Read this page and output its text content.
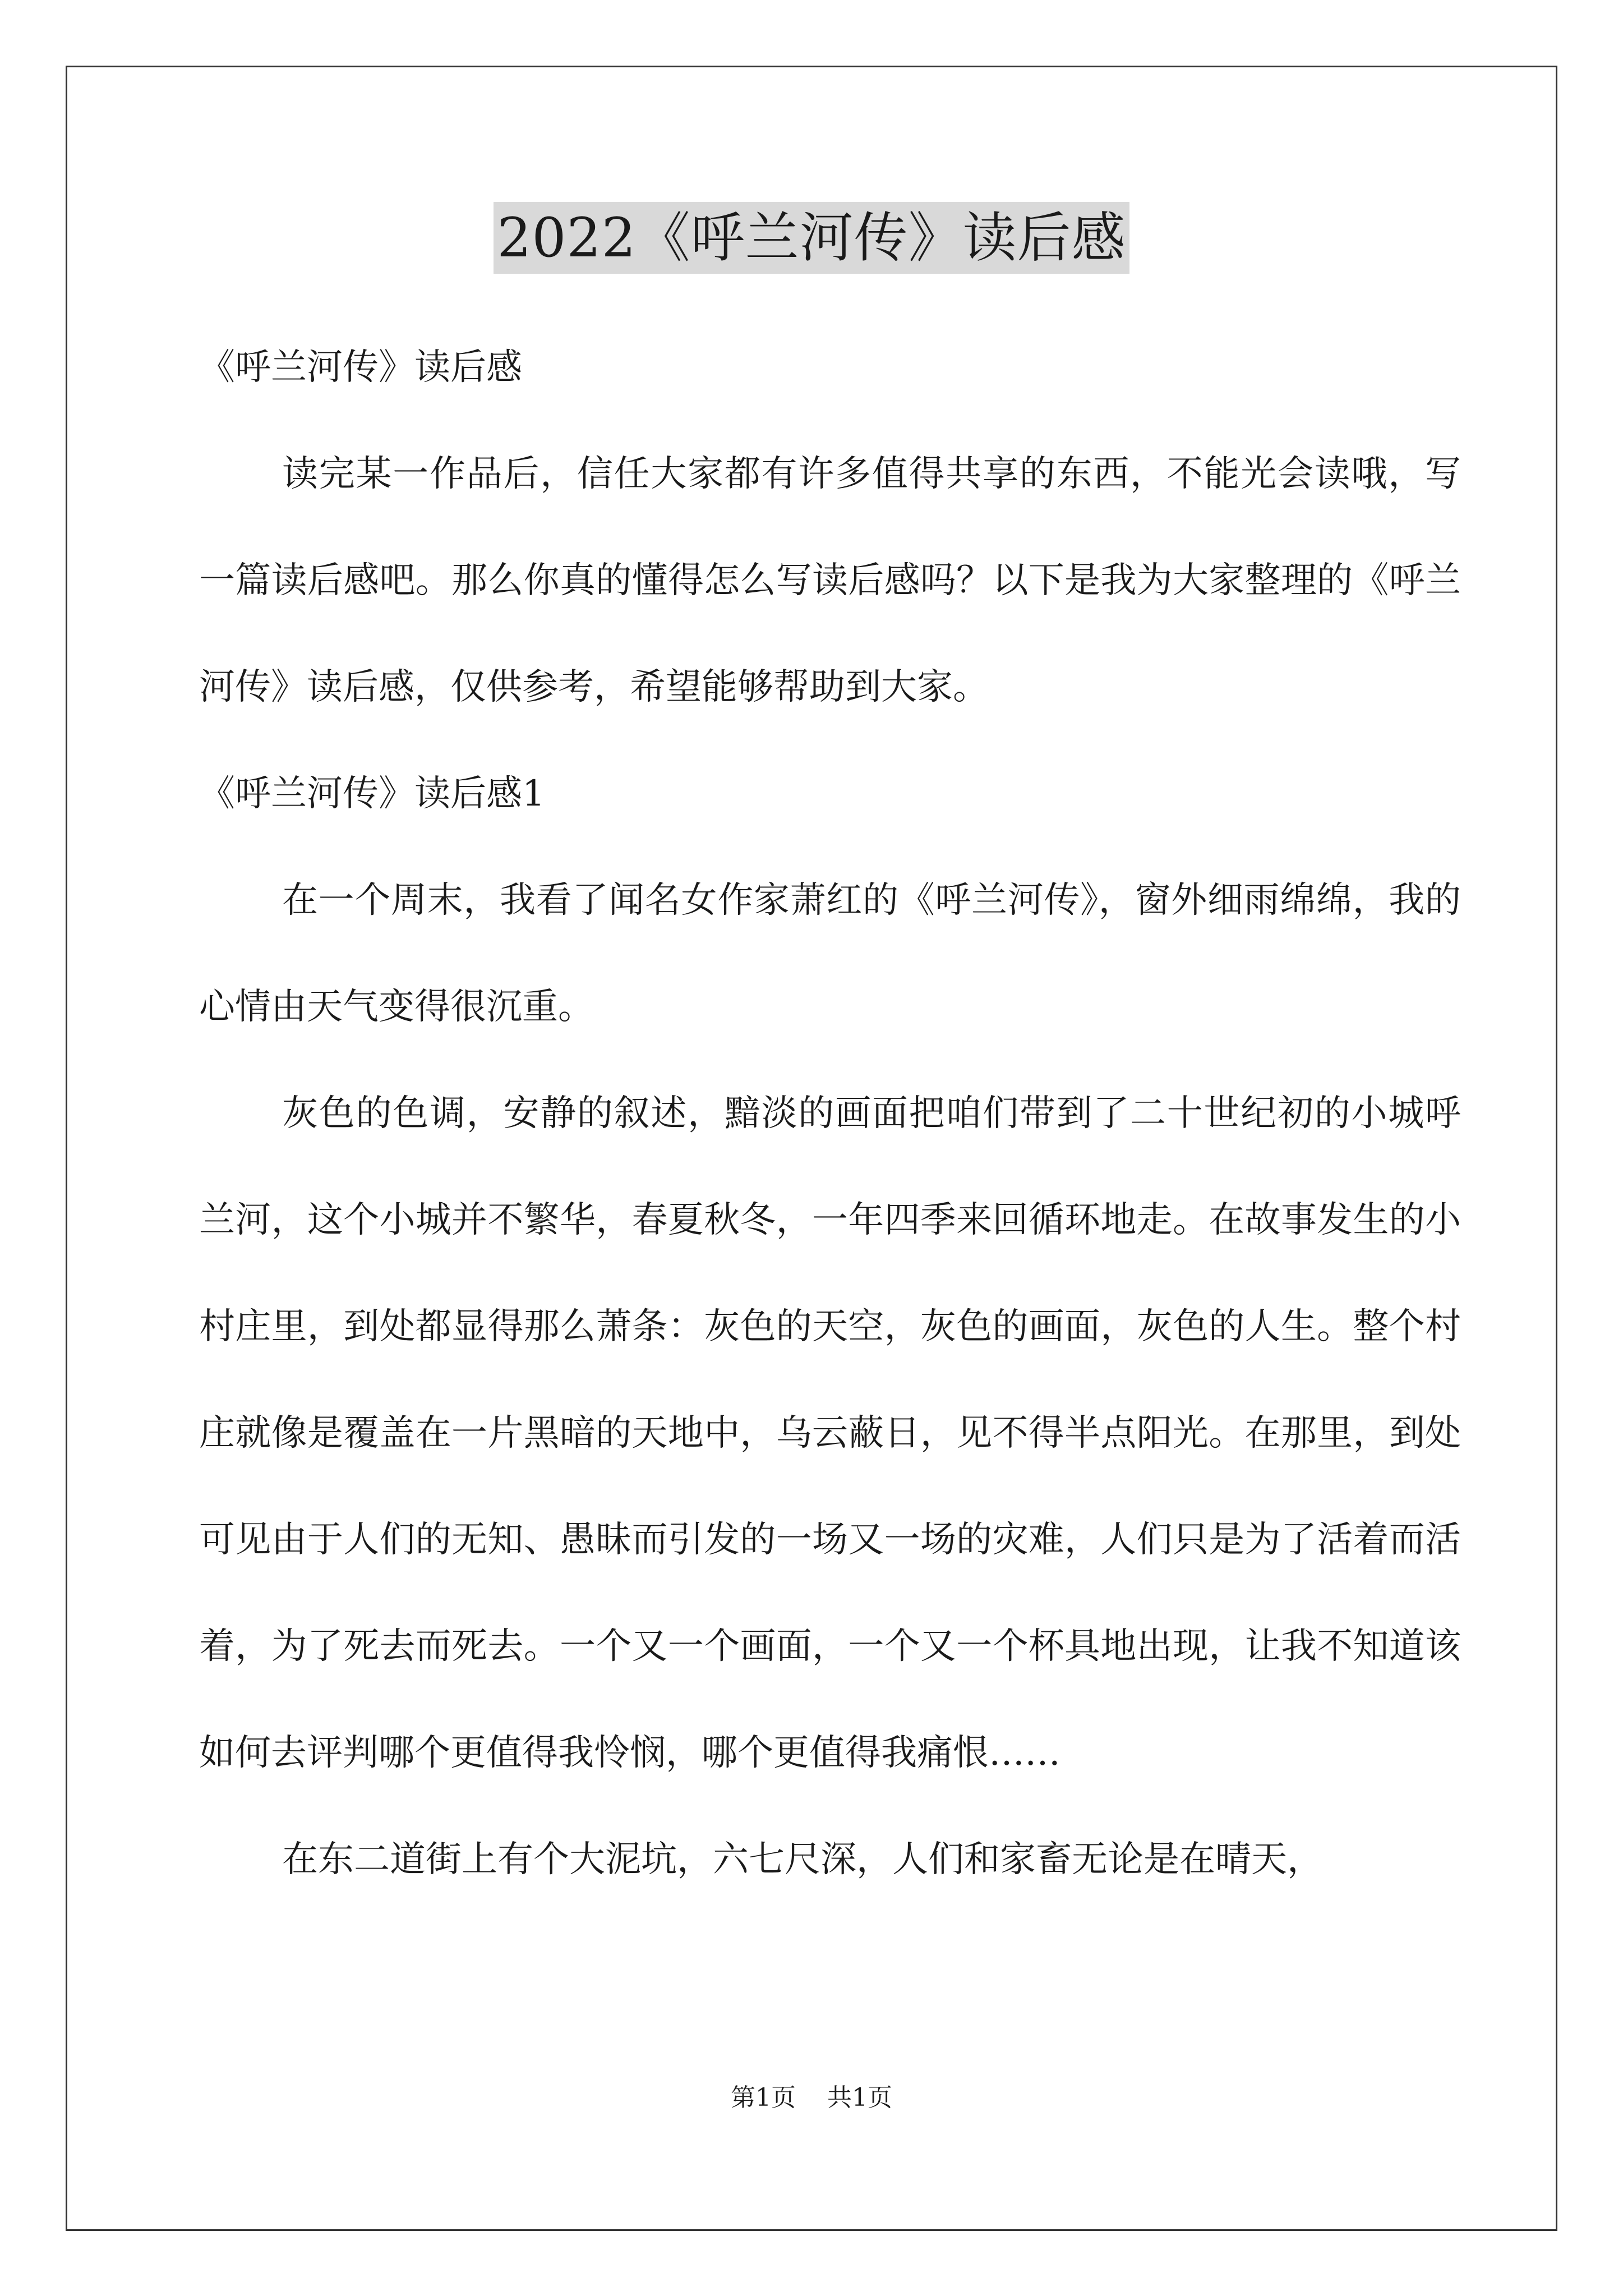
2022《呼兰河传》读后感

《呼兰河传》读后感

读完某一作品后，信任大家都有许多值得共享的东西，不能光会读哦，写一篇读后感吧。那么你真的懂得怎么写读后感吗？以下是我为大家整理的《呼兰河传》读后感，仅供参考，希望能够帮助到大家。

《呼兰河传》读后感1

在一个周末，我看了闻名女作家萧红的《呼兰河传》，窗外细雨绵绵，我的心情由天气变得很沉重。

灰色的色调，安静的叙述，黯淡的画面把咱们带到了二十世纪初的小城呼兰河，这个小城并不繁华，春夏秋冬，一年四季来回循环地走。在故事发生的小村庄里，到处都显得那么萧条：灰色的天空，灰色的画面，灰色的人生。整个村庄就像是覆盖在一片黑暗的天地中，乌云蔽日，见不得半点阳光。在那里，到处可见由于人们的无知、愚昧而引发的一场又一场的灾难，人们只是为了活着而活着，为了死去而死去。一个又一个画面，一个又一个杯具地出现，让我不知道该如何去评判哪个更值得我怜悯，哪个更值得我痛恨……

在东二道街上有个大泥坑，六七尺深，人们和家畜无论是在晴天，

第1页 共1页
